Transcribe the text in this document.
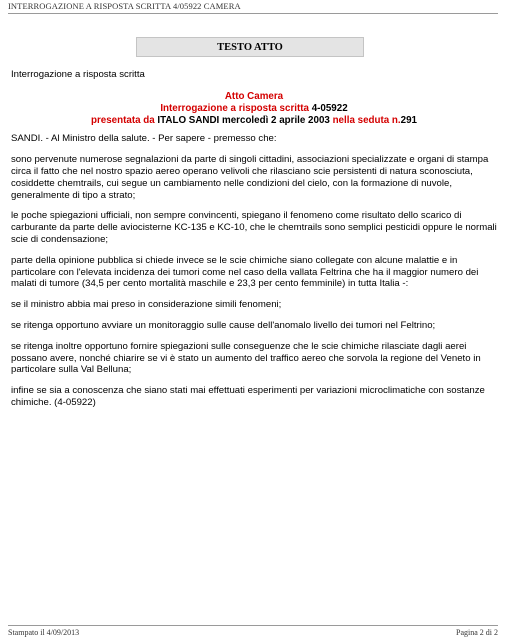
INTERROGAZIONE A RISPOSTA SCRITTA 4/05922 CAMERA
TESTO ATTO

Interrogazione a risposta scritta

Atto Camera

Interrogazione a risposta scritta 4-05922

presentata da ITALO SANDI mercoledì 2 aprile 2003 nella seduta n.291

SANDI. - Al Ministro della salute. - Per sapere - premesso che:

sono pervenute numerose segnalazioni da parte di singoli cittadini, associazioni specializzate e organi di stampa circa il fatto che nel nostro spazio aereo operano velivoli che rilasciano scie persistenti di natura sconosciuta, cosiddette chemtrails, cui segue un cambiamento nelle condizioni del cielo, con la formazione di nuvole, generalmente di tipo a strato;

le poche spiegazioni ufficiali, non sempre convincenti, spiegano il fenomeno come risultato dello scarico di carburante da parte delle aviocisterne KC-135 e KC-10, che le chemtrails sono semplici pesticidi oppure le normali scie di condensazione;

parte della opinione pubblica si chiede invece se le scie chimiche siano collegate con alcune malattie e in particolare con l'elevata incidenza dei tumori come nel caso della vallata Feltrina che ha il maggior numero dei malati di tumore (34,5 per cento mortalità maschile e 23,3 per cento femminile) in tutta Italia -:

se il ministro abbia mai preso in considerazione simili fenomeni;

se ritenga opportuno avviare un monitoraggio sulle cause dell'anomalo livello dei tumori nel Feltrino;

se ritenga inoltre opportuno fornire spiegazioni sulle conseguenze che le scie chimiche rilasciate dagli aerei possano avere, nonché chiarire se vi è stato un aumento del traffico aereo che sorvola la regione del Veneto in particolare sulla Val Belluna;

infine se sia a conoscenza che siano stati mai effettuati esperimenti per variazioni microclimatiche con sostanze chimiche. (4-05922)

Stampato il 4/09/2013	Pagina 2 di 2
